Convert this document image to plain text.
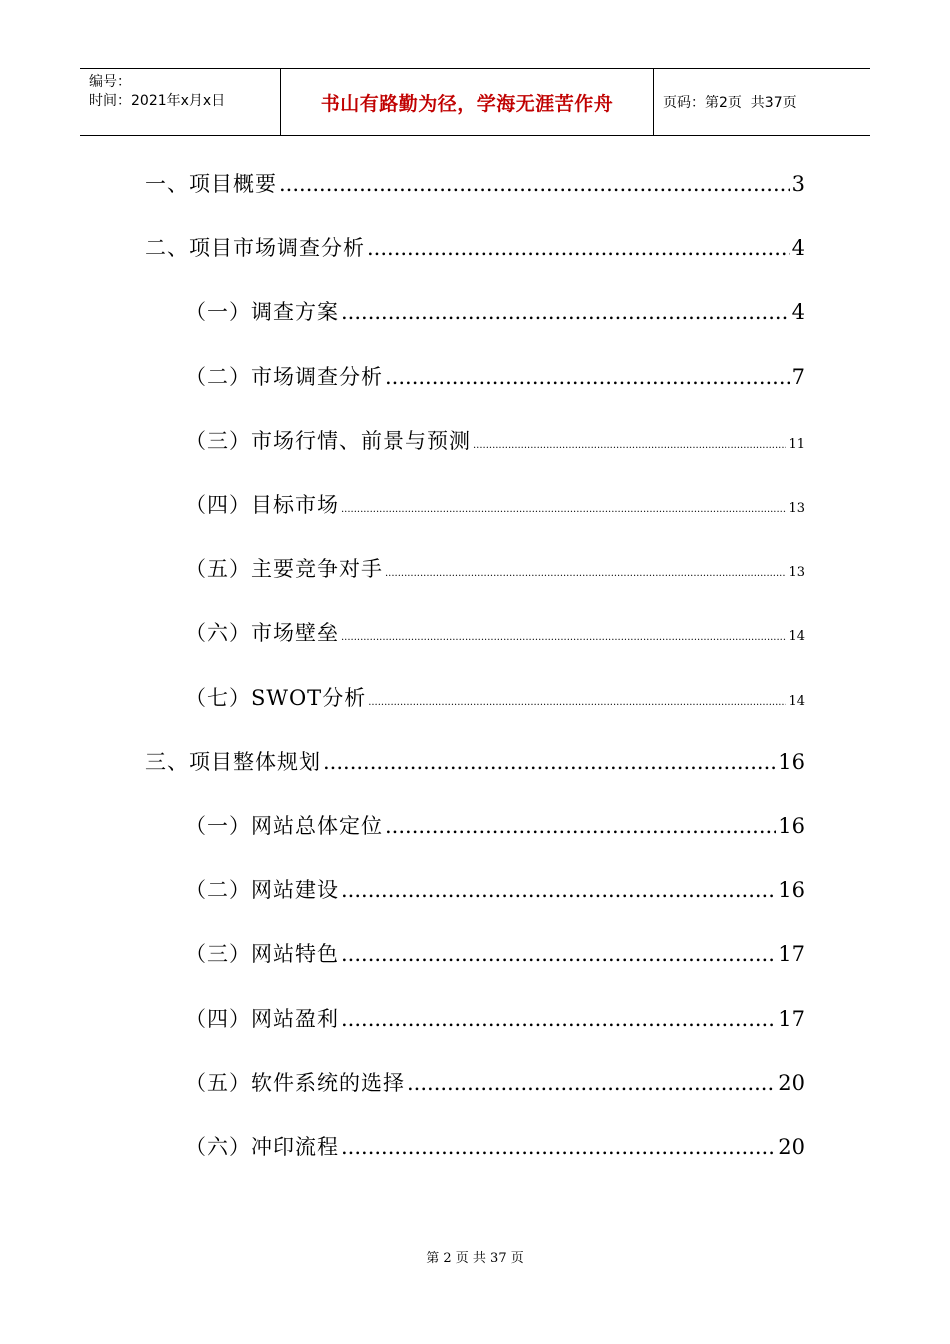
编号：
时间：2021年x月x日	书山有路勤为径，学海无涯苦作舟	页码：第2页  共37页
一、项目概要 .....	3
二、项目市场调查分析 .....	4
（一）调查方案 .....	4
（二）市场调查分析 .....	7
（三）市场行情、前景与预测 .....	11
（四）目标市场 .....	13
（五）主要竞争对手 .....	13
（六）市场壁垒 .....	14
（七）SWOT分析 .....	14
三、项目整体规划 .....	16
（一）网站总体定位 .....	16
（二）网站建设 .....	16
（三）网站特色 .....	17
（四）网站盈利 .....	17
（五）软件系统的选择 .....	20
（六）冲印流程 .....	20
第 2 页 共 37 页
